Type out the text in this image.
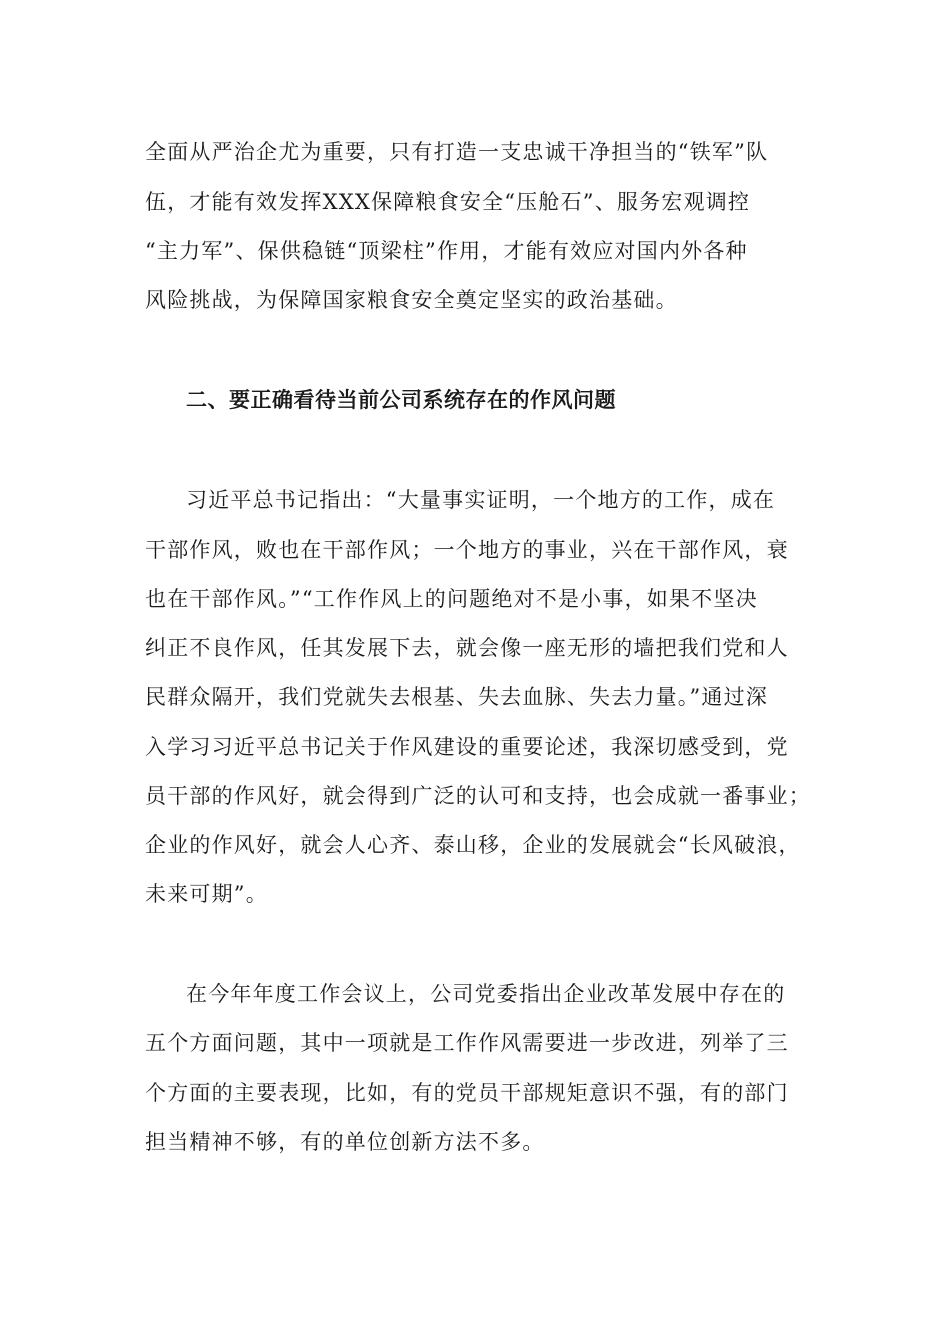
全面从严治企尤为重要，只有打造一支忠诚干净担当的“铁军”队
伍，才能有效发挥XXX保障粮食安全“压舱石”、服务宏观调控
“主力军”、保供稳链“顶梁柱”作用，才能有效应对国内外各种
风险挑战，为保障国家粮食安全奠定坚实的政治基础。
二、要正确看待当前公司系统存在的作风问题
习近平总书记指出：“大量事实证明，一个地方的工作，成在
干部作风，败也在干部作风；一个地方的事业，兴在干部作风，衰
也在干部作风。”“工作作风上的问题绝对不是小事，如果不坚决
纠正不良作风，任其发展下去，就会像一座无形的墙把我们党和人
民群众隔开，我们党就失去根基、失去血脉、失去力量。”通过深
入学习习近平总书记关于作风建设的重要论述，我深切感受到，党
员干部的作风好，就会得到广泛的认可和支持，也会成就一番事业；
企业的作风好，就会人心齐、泰山移，企业的发展就会“长风破浪，
未来可期”。
在今年年度工作会议上，公司党委指出企业改革发展中存在的
五个方面问题，其中一项就是工作作风需要进一步改进，列举了三
个方面的主要表现，比如，有的党员干部规矩意识不强，有的部门
担当精神不够，有的单位创新方法不多。
